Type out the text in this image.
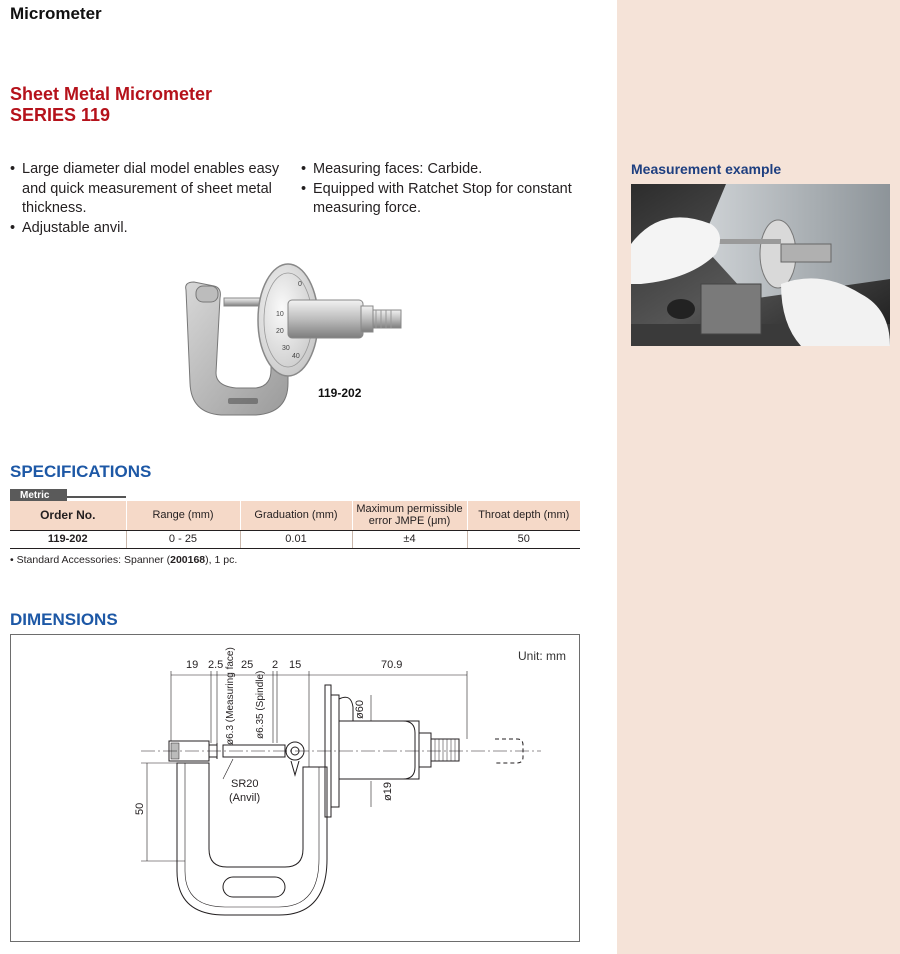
Micrometer
Sheet Metal Micrometer
SERIES 119
• Large diameter dial model enables easy and quick measurement of sheet metal thickness.
• Adjustable anvil.
• Measuring faces: Carbide.
• Equipped with Ratchet Stop for constant measuring force.
0
10
20
30
40
119-202
Measurement example
SPECIFICATIONS
Metric
Order No.	Range (mm)	Graduation (mm)	Maximum permissible error JMPE (μm)	Throat depth (mm)
119-202	0 - 25	0.01	±4	50
• Standard Accessories: Spanner (200168), 1 pc.
DIMENSIONS
Unit: mm
19 2.5 25 2 15	70.9
ø6.3 (Measuring face) ø6.35 (Spindle)	ø60
ø19
SR20
(Anvil)
50
